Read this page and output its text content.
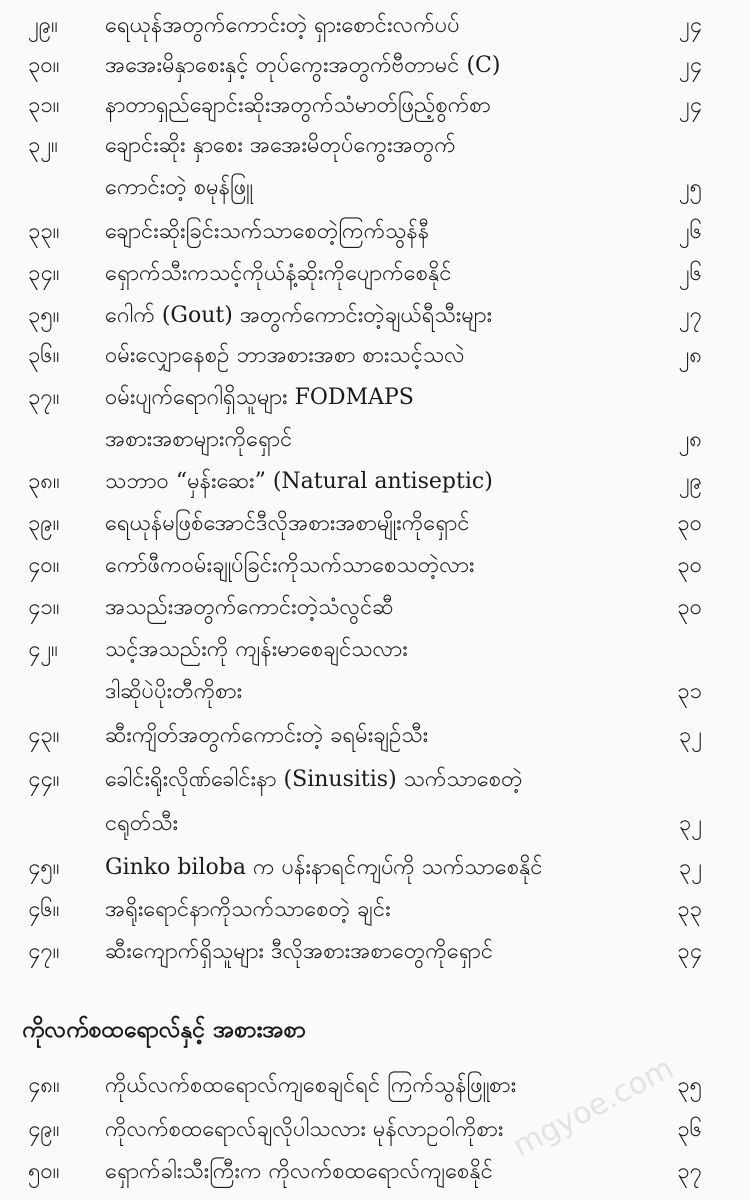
၂၉။	ရေယုန်အတွက်ကောင်းတဲ့ ရှားစောင်းလက်ပပ်	၂၄
၃၀။	အအေးမိနှာစေးနှင့် တုပ်ကွေးအတွက်ဗီတာမင် (C)	၂၄
၃၁။	နာတာရှည်ချောင်းဆိုးအတွက်သံမာတ်ဖြည့်စွက်စာ	၂၄
၃၂။	ချောင်းဆိုး နှာစေး အအေးမိတုပ်ကွေးအတွက်
ကောင်းတဲ့ စမုန်ဖြူ	၂၅
၃၃။	ချောင်းဆိုးခြင်းသက်သာစေတဲ့ကြက်သွန်နီ	၂၆
၃၄။	ရှောက်သီးကသင့်ကိုယ်နံ့ဆိုးကိုပျောက်စေနိုင်	၂၆
၃၅။	ဂေါက် (Gout) အတွက်ကောင်းတဲ့ချယ်ရီသီးများ	၂၇
၃၆။	ဝမ်းလျှောနေစဉ် ဘာအစားအစာ စားသင့်သလဲ	၂၈
၃၇။	ဝမ်းပျက်ရောဂါရှိသူများ FODMAPS
အစားအစာများကိုရှောင်	၂၈
၃၈။	သဘာဝ “မှန်းဆေး” (Natural antiseptic)	၂၉
၃၉။	ရေယုန်မဖြစ်အောင်ဒီလိုအစားအစာမျိုးကိုရှောင်	၃၀
၄၀။	ကော်ဖီကဝမ်းချုပ်ခြင်းကိုသက်သာစေသတဲ့လား	၃၀
၄၁။	အသည်းအတွက်ကောင်းတဲ့သံလွင်ဆီ	၃၀
၄၂။	သင့်အသည်းကို ကျန်းမာစေချင်သလား
ဒါဆိုပဲပိုးတီကိုစား	၃၁
၄၃။	ဆီးကျိတ်အတွက်ကောင်းတဲ့ ခရမ်းချဉ်သီး	၃၂
၄၄။	ခေါင်းရိုးလိုဏ်ခေါင်းနာ (Sinusitis) သက်သာစေတဲ့
ငရုတ်သီး	၃၂
၄၅။	Ginko biloba က ပန်းနာရင်ကျပ်ကို သက်သာစေနိုင်	၃၂
၄၆။	အရိုးရောင်နာကိုသက်သာစေတဲ့ ချင်း	၃၃
၄၇။	ဆီးကျောက်ရှိသူများ ဒီလိုအစားအစာတွေကိုရှောင်	၃၄
ကိုလက်စထရောလ်နှင့် အစားအစာ
၄၈။	ကိုယ်လက်စထရောလ်ကျစေချင်ရင် ကြက်သွန်ဖြူစား	၃၅
၄၉။	ကိုလက်စထရောလ်ချလိုပါသလား မုန်လာဥဝါကိုစား	၃၆
၅၀။	ရှောက်ခါးသီးကြီးက ကိုလက်စထရောလ်ကျစေနိုင်	၃၇
mgyoe.com
